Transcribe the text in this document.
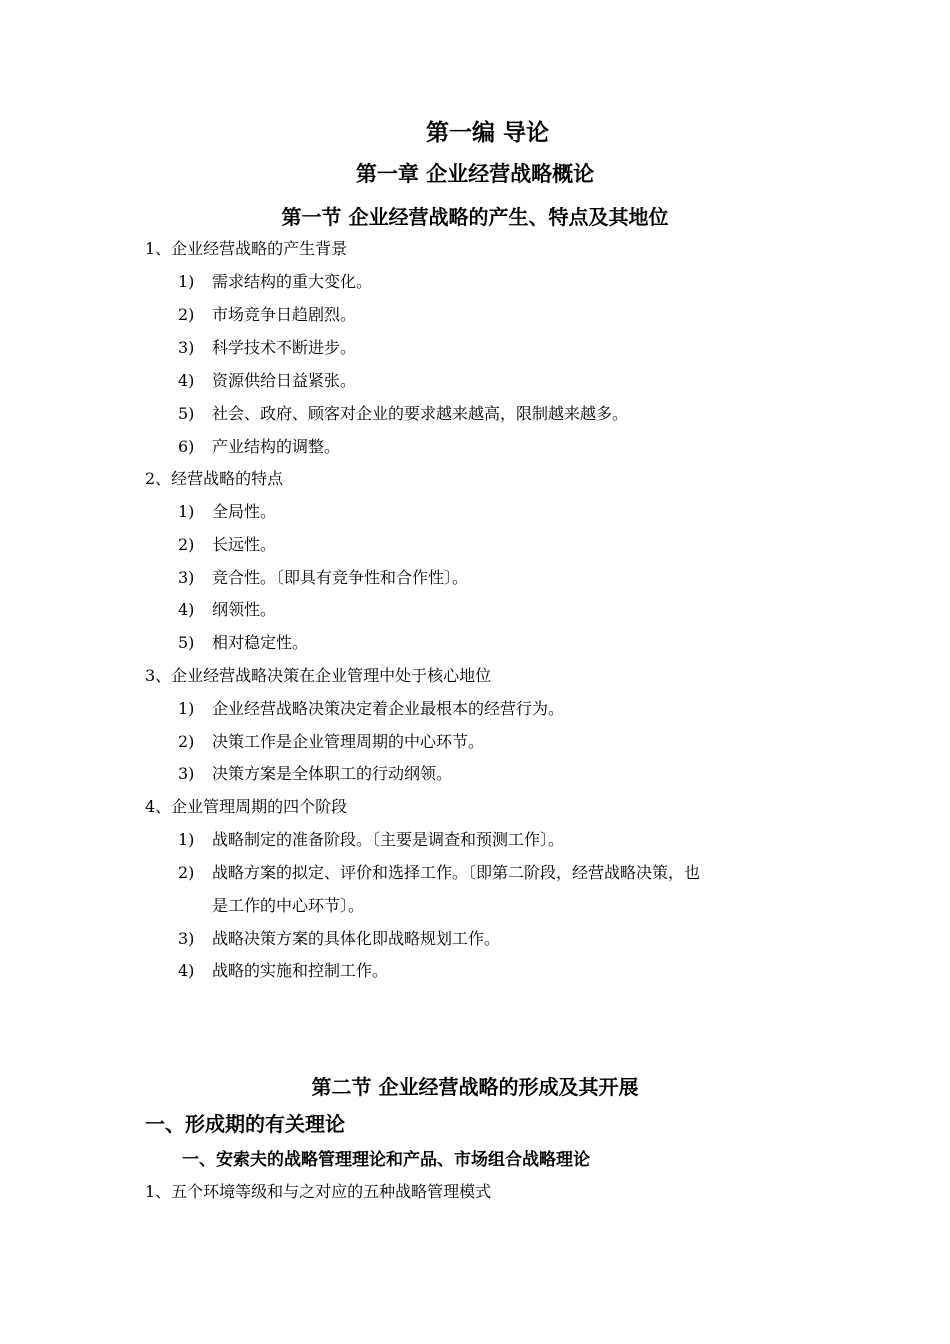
第一编 导论
第一章 企业经营战略概论
第一节 企业经营战略的产生、特点及其地位
1、企业经营战略的产生背景
1) 需求结构的重大变化。
2) 市场竞争日趋剧烈。
3) 科学技术不断进步。
4) 资源供给日益紧张。
5) 社会、政府、顾客对企业的要求越来越高，限制越来越多。
6) 产业结构的调整。
2、经营战略的特点
1) 全局性。
2) 长远性。
3) 竞合性。〔即具有竞争性和合作性〕。
4) 纲领性。
5) 相对稳定性。
3、企业经营战略决策在企业管理中处于核心地位
1) 企业经营战略决策决定着企业最根本的经营行为。
2) 决策工作是企业管理周期的中心环节。
3) 决策方案是全体职工的行动纲领。
4、企业管理周期的四个阶段
1) 战略制定的准备阶段。〔主要是调查和预测工作〕。
2) 战略方案的拟定、评价和选择工作。〔即第二阶段，经营战略决策，也
是工作的中心环节〕。
3) 战略决策方案的具体化即战略规划工作。
4) 战略的实施和控制工作。
第二节 企业经营战略的形成及其开展
一、形成期的有关理论
一、安索夫的战略管理理论和产品、市场组合战略理论
1、五个环境等级和与之对应的五种战略管理模式
